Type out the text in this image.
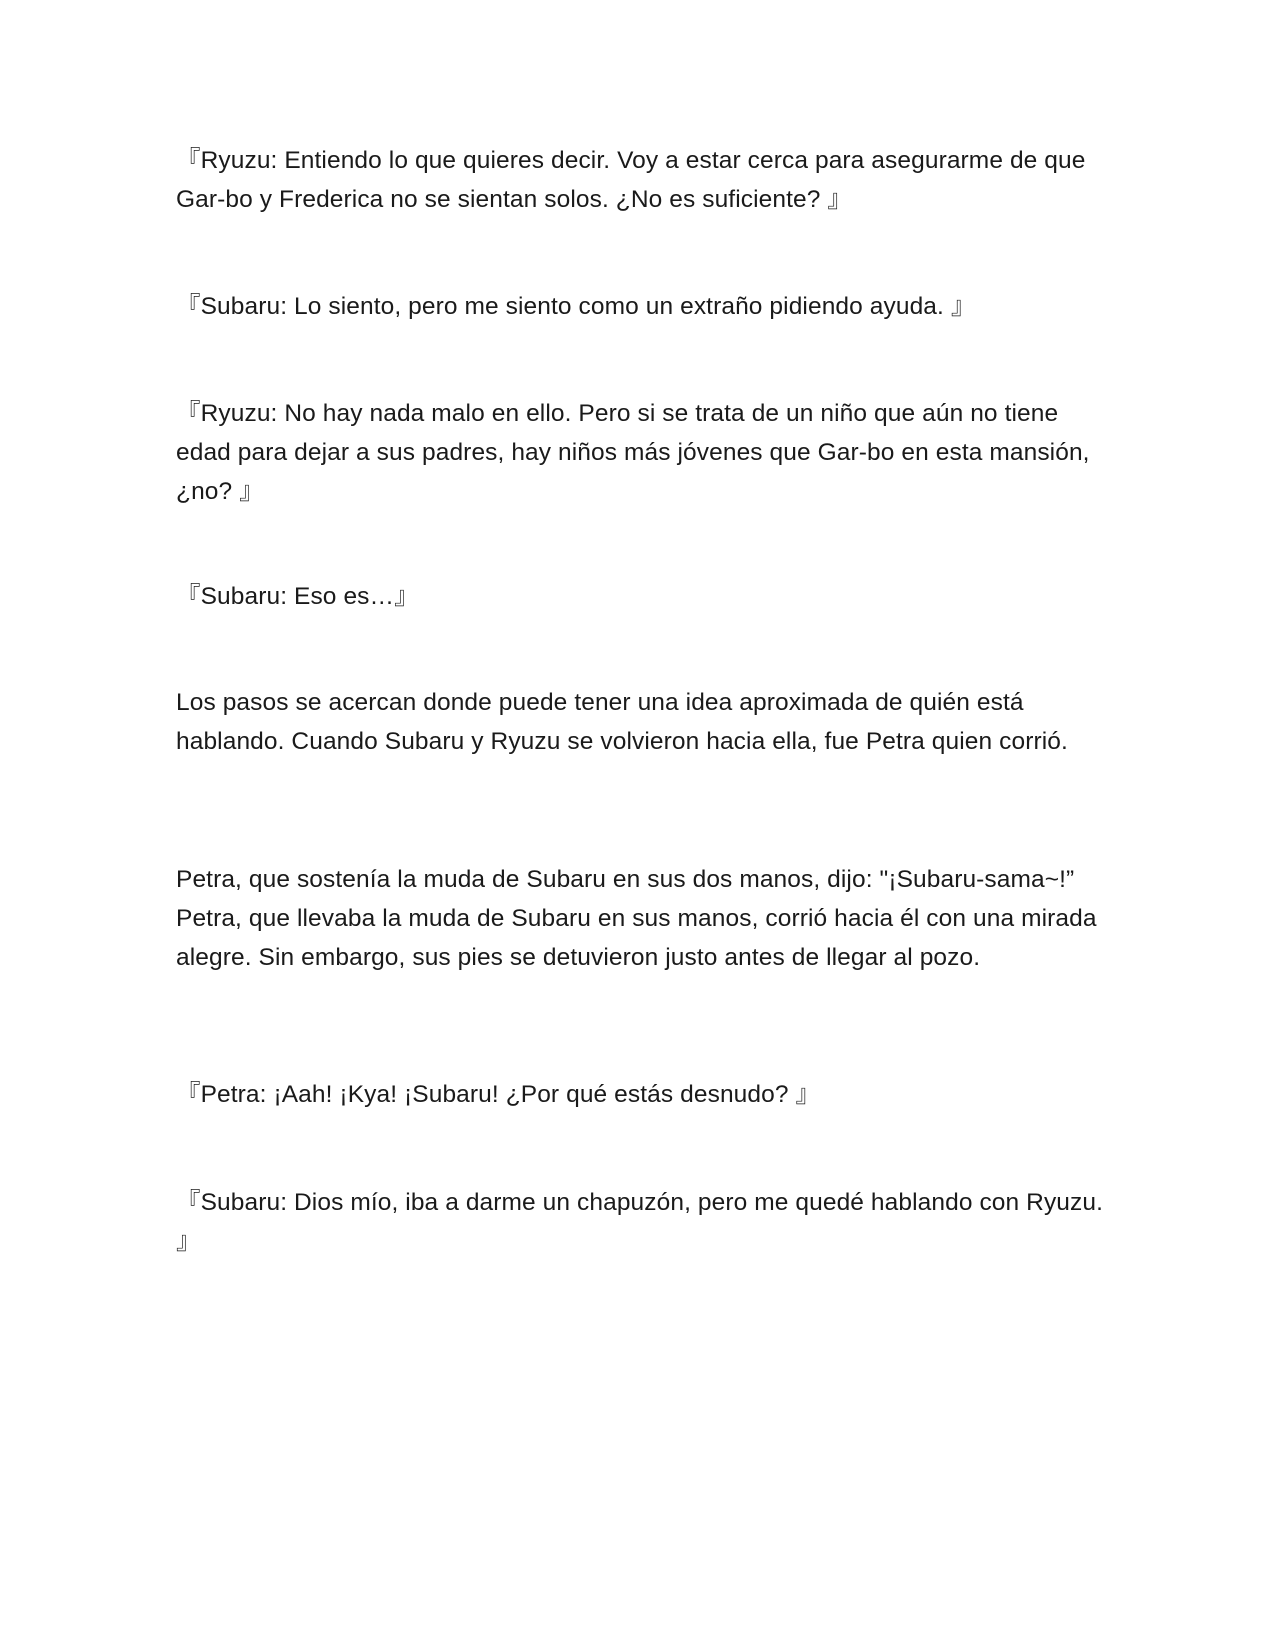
『Ryuzu: Entiendo lo que quieres decir. Voy a estar cerca para asegurarme de que Gar-bo y Frederica no se sientan solos. ¿No es suficiente? 』

『Subaru: Lo siento, pero me siento como un extraño pidiendo ayuda. 』

『Ryuzu: No hay nada malo en ello. Pero si se trata de un niño que aún no tiene edad para dejar a sus padres, hay niños más jóvenes que Gar-bo en esta mansión, ¿no? 』

『Subaru: Eso es…』

Los pasos se acercan donde puede tener una idea aproximada de quién está hablando. Cuando Subaru y Ryuzu se volvieron hacia ella, fue Petra quien corrió.

Petra, que sostenía la muda de Subaru en sus dos manos, dijo: "¡Subaru-sama~!” Petra, que llevaba la muda de Subaru en sus manos, corrió hacia él con una mirada alegre. Sin embargo, sus pies se detuvieron justo antes de llegar al pozo.

『Petra: ¡Aah! ¡Kya! ¡Subaru! ¿Por qué estás desnudo? 』

『Subaru: Dios mío, iba a darme un chapuzón, pero me quedé hablando con Ryuzu. 』
